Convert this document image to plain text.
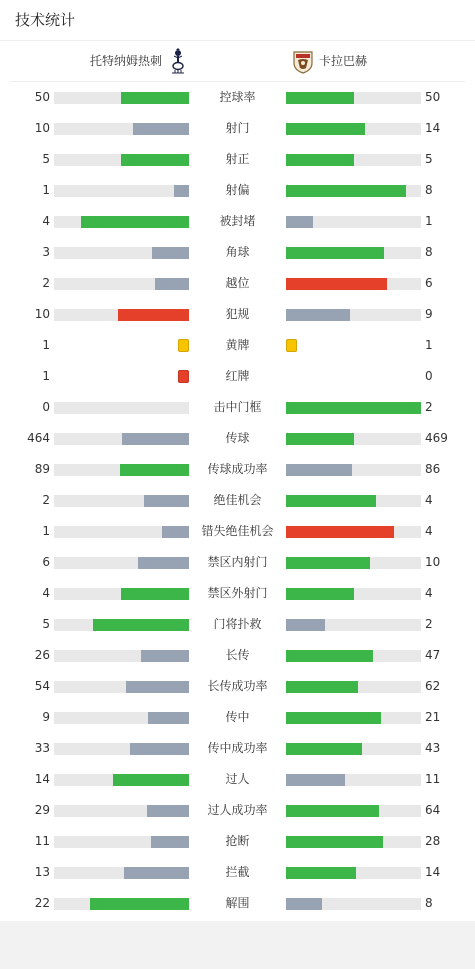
技术统计
托特纳姆热刺	卡拉巴赫
50	控球率	50
10	射门	14
5	射正	5
1	射偏	8
4	被封堵	1
3	角球	8
2	越位	6
10	犯规	9
1	黄牌	1
1	红牌	0
0	击中门框	2
464	传球	469
89	传球成功率	86
2	绝佳机会	4
1	错失绝佳机会	4
6	禁区内射门	10
4	禁区外射门	4
5	门将扑救	2
26	长传	47
54	长传成功率	62
9	传中	21
33	传中成功率	43
14	过人	11
29	过人成功率	64
11	抢断	28
13	拦截	14
22	解围	8
